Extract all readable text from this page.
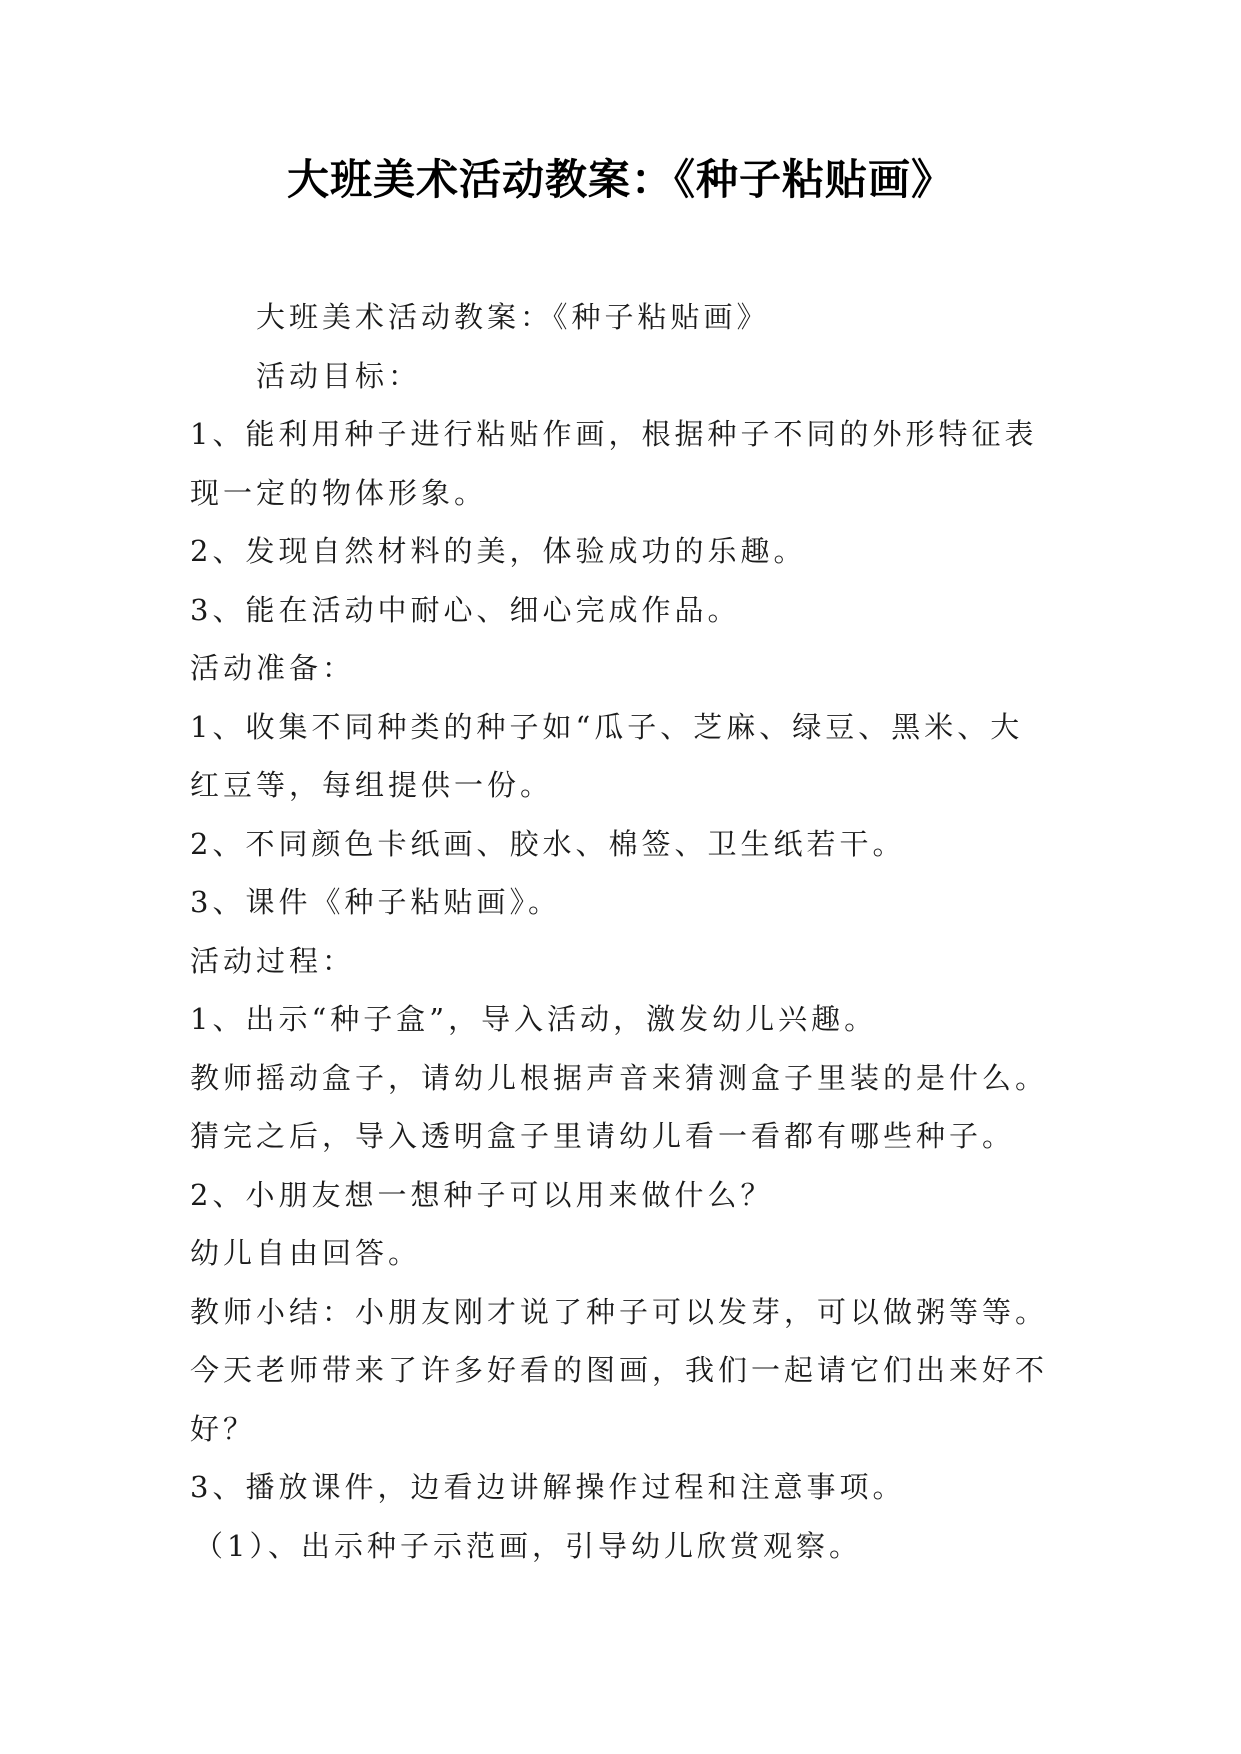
大班美术活动教案：《种子粘贴画》

大班美术活动教案：《种子粘贴画》

活动目标：

1、能利用种子进行粘贴作画，根据种子不同的外形特征表

现一定的物体形象。

2、发现自然材料的美，体验成功的乐趣。

3、能在活动中耐心、细心完成作品。

活动准备：

1、收集不同种类的种子如“瓜子、芝麻、绿豆、黑米、大

红豆等，每组提供一份。

2、不同颜色卡纸画、胶水、棉签、卫生纸若干。

3、课件《种子粘贴画》。

活动过程：

1、出示“种子盒”，导入活动，激发幼儿兴趣。

教师摇动盒子，请幼儿根据声音来猜测盒子里装的是什么。

猜完之后，导入透明盒子里请幼儿看一看都有哪些种子。

2、小朋友想一想种子可以用来做什么？

幼儿自由回答。

教师小结：小朋友刚才说了种子可以发芽，可以做粥等等。

今天老师带来了许多好看的图画，我们一起请它们出来好不

好？

3、播放课件，边看边讲解操作过程和注意事项。

（1）、出示种子示范画，引导幼儿欣赏观察。
